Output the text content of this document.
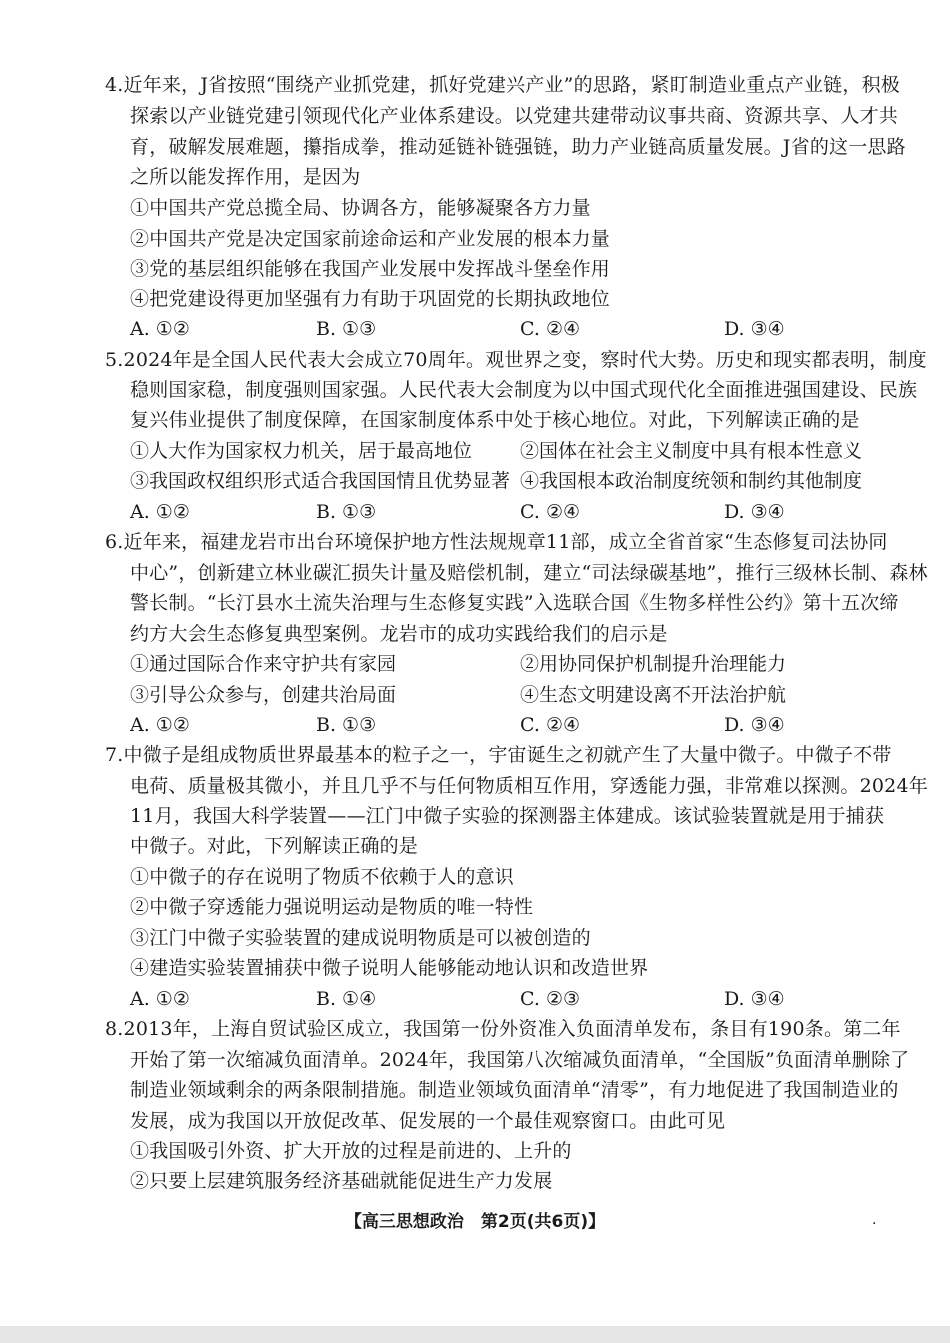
4.近年来，J省按照“围绕产业抓党建，抓好党建兴产业”的思路，紧盯制造业重点产业链，积极
探索以产业链党建引领现代化产业体系建设。以党建共建带动议事共商、资源共享、人才共
育，破解发展难题，攥指成拳，推动延链补链强链，助力产业链高质量发展。J省的这一思路
之所以能发挥作用，是因为
①中国共产党总揽全局、协调各方，能够凝聚各方力量
②中国共产党是决定国家前途命运和产业发展的根本力量
③党的基层组织能够在我国产业发展中发挥战斗堡垒作用
④把党建设得更加坚强有力有助于巩固党的长期执政地位
A. ①②	B. ①③	C. ②④	D. ③④
5.2024年是全国人民代表大会成立70周年。观世界之变，察时代大势。历史和现实都表明，制度
稳则国家稳，制度强则国家强。人民代表大会制度为以中国式现代化全面推进强国建设、民族
复兴伟业提供了制度保障，在国家制度体系中处于核心地位。对此，下列解读正确的是
①人大作为国家权力机关，居于最高地位	②国体在社会主义制度中具有根本性意义
③我国政权组织形式适合我国国情且优势显著 ④我国根本政治制度统领和制约其他制度
A. ①②	B. ①③	C. ②④	D. ③④
6.近年来，福建龙岩市出台环境保护地方性法规规章11部，成立全省首家“生态修复司法协同
中心”，创新建立林业碳汇损失计量及赔偿机制，建立“司法绿碳基地”，推行三级林长制、森林
警长制。“长汀县水土流失治理与生态修复实践”入选联合国《生物多样性公约》第十五次缔
约方大会生态修复典型案例。龙岩市的成功实践给我们的启示是
①通过国际合作来守护共有家园	②用协同保护机制提升治理能力
③引导公众参与，创建共治局面	④生态文明建设离不开法治护航
A. ①②	B. ①③	C. ②④	D. ③④
7.中微子是组成物质世界最基本的粒子之一，宇宙诞生之初就产生了大量中微子。中微子不带
电荷、质量极其微小，并且几乎不与任何物质相互作用，穿透能力强，非常难以探测。2024年
11月，我国大科学装置——江门中微子实验的探测器主体建成。该试验装置就是用于捕获
中微子。对此，下列解读正确的是
①中微子的存在说明了物质不依赖于人的意识
②中微子穿透能力强说明运动是物质的唯一特性
③江门中微子实验装置的建成说明物质是可以被创造的
④建造实验装置捕获中微子说明人能够能动地认识和改造世界
A. ①②	B. ①④	C. ②③	D. ③④
8.2013年，上海自贸试验区成立，我国第一份外资准入负面清单发布，条目有190条。第二年
开始了第一次缩减负面清单。2024年，我国第八次缩减负面清单，“全国版”负面清单删除了
制造业领域剩余的两条限制措施。制造业领域负面清单“清零”，有力地促进了我国制造业的
发展，成为我国以开放促改革、促发展的一个最佳观察窗口。由此可见
①我国吸引外资、扩大开放的过程是前进的、上升的
②只要上层建筑服务经济基础就能促进生产力发展
【高三思想政治　第2页(共6页)】	.
